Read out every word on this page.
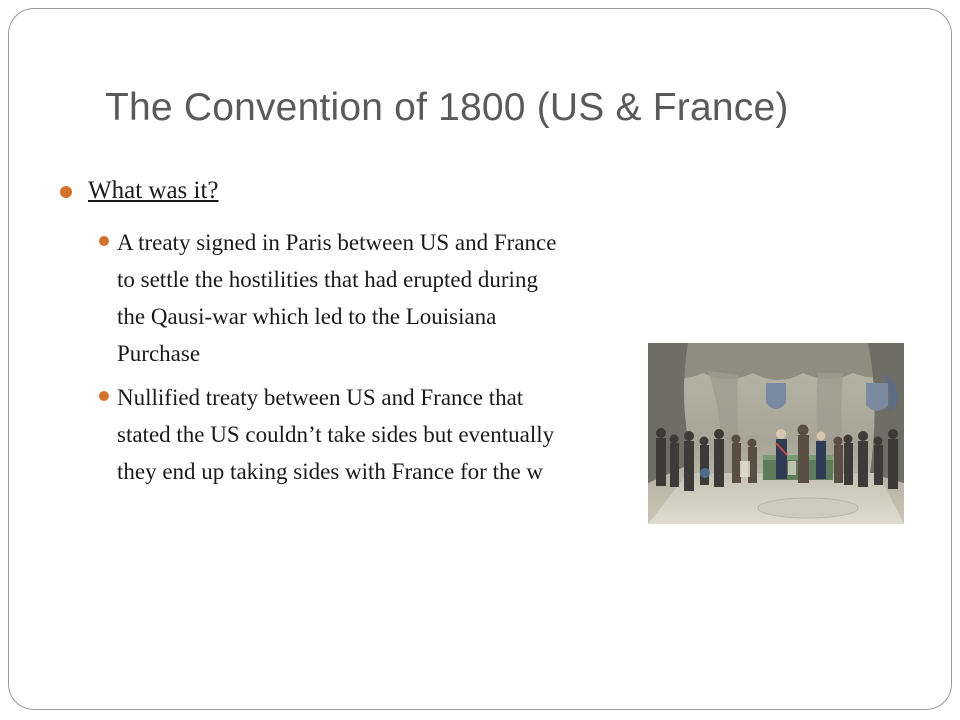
The Convention of 1800 (US & France)
What was it?
A treaty signed in Paris between US and France
to settle the hostilities that had erupted during
the Qausi-war which led to the Louisiana
Purchase
Nullified treaty between US and France that
stated the US couldn’t take sides but eventually
they end up taking sides with France for the w
